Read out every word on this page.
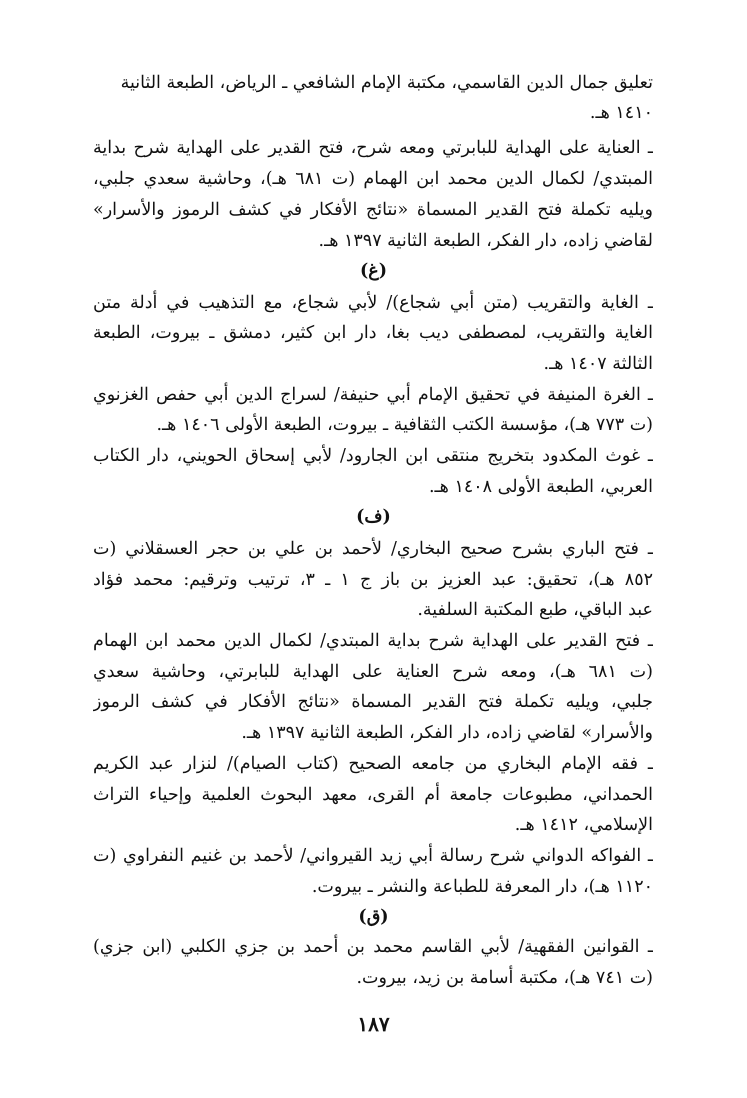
تعليق جمال الدين القاسمي، مكتبة الإمام الشافعي ـ الرياض، الطبعة الثانية
١٤١٠ هـ.
ـ العناية على الهداية للبابرتي ومعه شرح، فتح القدير على الهداية شرح بداية
المبتدي/ لكمال الدين محمد ابن الهمام (ت ٦٨١ هـ)، وحاشية سعدي جلبي،
ويليه تكملة فتح القدير المسماة «نتائج الأفكار في كشف الرموز والأسرار»
لقاضي زاده، دار الفكر، الطبعة الثانية ١٣٩٧ هـ.
(غ)
ـ الغاية والتقريب (متن أبي شجاع)/ لأبي شجاع، مع التذهيب في أدلة متن
الغاية والتقريب، لمصطفى ديب بغا، دار ابن كثير، دمشق ـ بيروت، الطبعة
الثالثة ١٤٠٧ هـ.
ـ الغرة المنيفة في تحقيق الإمام أبي حنيفة/ لسراج الدين أبي حفص الغزنوي
(ت ٧٧٣ هـ)، مؤسسة الكتب الثقافية ـ بيروت، الطبعة الأولى ١٤٠٦ هـ.
ـ غوث المكدود بتخريج منتقى ابن الجارود/ لأبي إسحاق الحويني، دار الكتاب
العربي، الطبعة الأولى ١٤٠٨ هـ.
(ف)
ـ فتح الباري بشرح صحيح البخاري/ لأحمد بن علي بن حجر العسقلاني (ت
٨٥٢ هـ)، تحقيق: عبد العزيز بن باز ج ١ ـ ٣، ترتيب وترقيم: محمد فؤاد
عبد الباقي، طبع المكتبة السلفية.
ـ فتح القدير على الهداية شرح بداية المبتدي/ لكمال الدين محمد ابن الهمام
(ت ٦٨١ هـ)، ومعه شرح العناية على الهداية للبابرتي، وحاشية سعدي
جلبي، ويليه تكملة فتح القدير المسماة «نتائج الأفكار في كشف الرموز
والأسرار» لقاضي زاده، دار الفكر، الطبعة الثانية ١٣٩٧ هـ.
ـ فقه الإمام البخاري من جامعه الصحيح (كتاب الصيام)/ لنزار عبد الكريم
الحمداني، مطبوعات جامعة أم القرى، معهد البحوث العلمية وإحياء التراث
الإسلامي، ١٤١٢ هـ.
ـ الفواكه الدواني شرح رسالة أبي زيد القيرواني/ لأحمد بن غنيم النفراوي (ت
١١٢٠ هـ)، دار المعرفة للطباعة والنشر ـ بيروت.
(ق)
ـ القوانين الفقهية/ لأبي القاسم محمد بن أحمد بن جزي الكلبي (ابن جزي)
(ت ٧٤١ هـ)، مكتبة أسامة بن زيد، بيروت.
١٨٧
